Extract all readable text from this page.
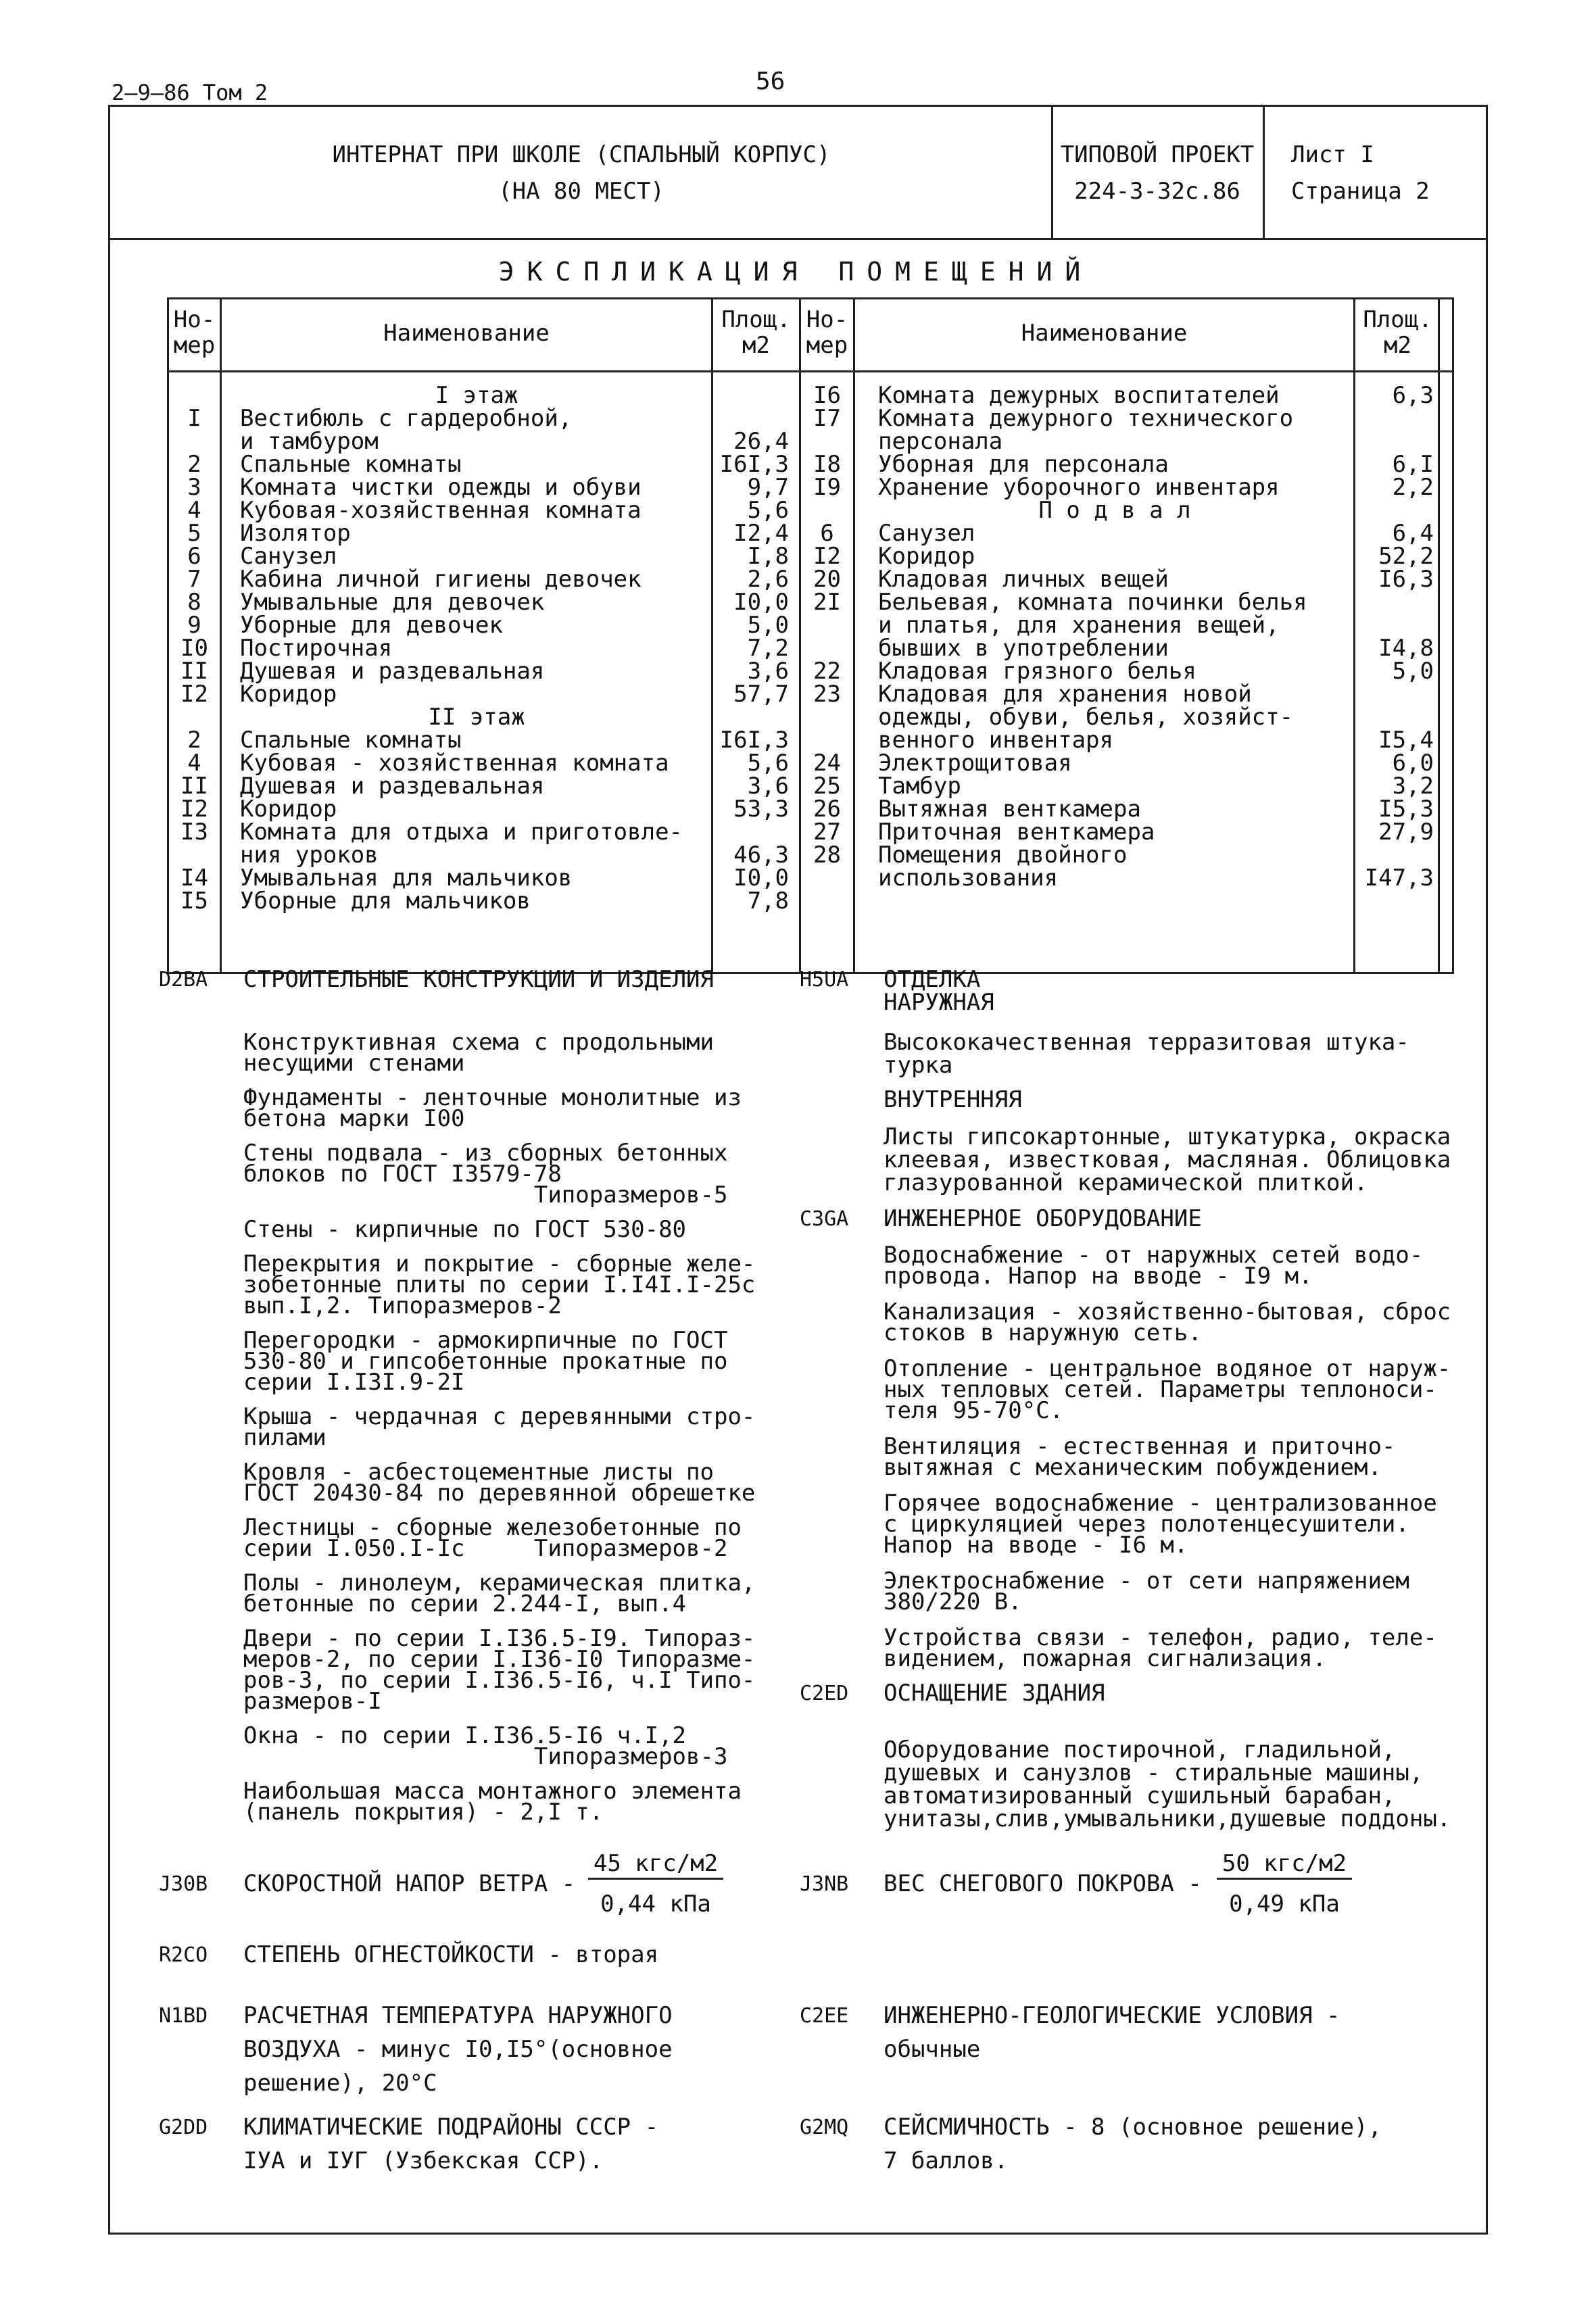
2–9–86 Том 2	56
ИНТЕРНАТ ПРИ ШКОЛЕ (СПАЛЬНЫЙ КОРПУС)
(НА 80 МЕСТ)
ТИПОВОЙ ПРОЕКТ
224-3-32с.86
Лист I
Страница 2
ЭКСПЛИКАЦИЯ ПОМЕЩЕНИЙ
Но-
мер	Наименование	Площ.
м2
Но-
мер	Наименование	Площ.
м2
I этаж
I	Вестибюль с гардеробной,
и тамбуром	26,4
2	Спальные комнаты	I6I,3
3	Комната чистки одежды и обуви	9,7
4	Кубовая-хозяйственная комната	5,6
5	Изолятор	I2,4
6	Санузел	I,8
7	Кабина личной гигиены девочек	2,6
8	Умывальные для девочек	I0,0
9	Уборные для девочек	5,0
I0	Постирочная	7,2
II	Душевая и раздевальная	3,6
I2	Коридор	57,7
II этаж
2	Спальные комнаты	I6I,3
4	Кубовая - хозяйственная комната	5,6
II	Душевая и раздевальная	3,6
I2	Коридор	53,3
I3	Комната для отдыха и приготовле-
ния уроков	46,3
I4	Умывальная для мальчиков	I0,0
I5	Уборные для мальчиков	7,8
I6	Комната дежурных воспитателей	6,3
I7	Комната дежурного технического
персонала
I8	Уборная для персонала	6,I
I9	Хранение уборочного инвентаря	2,2
П о д в а л
6	Санузел	6,4
I2	Коридор	52,2
20	Кладовая личных вещей	I6,3
2I	Бельевая, комната починки белья
и платья, для хранения вещей,
бывших в употреблении	I4,8
22	Кладовая грязного белья	5,0
23	Кладовая для хранения новой
одежды, обуви, белья, хозяйст-
венного инвентаря	I5,4
24	Электрощитовая	6,0
25	Тамбур	3,2
26	Вытяжная венткамера	I5,3
27	Приточная венткамера	27,9
28	Помещения двойного
использования	I47,3
D2BA СТРОИТЕЛЬНЫЕ КОНСТРУКЦИИ И ИЗДЕЛИЯ
Конструктивная схема с продольными
несущими стенами
Фундаменты - ленточные монолитные из
бетона марки I00
Стены подвала - из сборных бетонных
блоков по ГОСТ I3579-78
Типоразмеров-5
Стены - кирпичные по ГОСТ 530-80
Перекрытия и покрытие - сборные желе-
зобетонные плиты по серии I.I4I.I-25с
вып.I,2. Типоразмеров-2
Перегородки - армокирпичные по ГОСТ
530-80 и гипсобетонные прокатные по
серии I.I3I.9-2I
Крыша - чердачная с деревянными стро-
пилами
Кровля - асбестоцементные листы по
ГОСТ 20430-84 по деревянной обрешетке
Лестницы - сборные железобетонные по
серии I.050.I-Iс     Типоразмеров-2
Полы - линолеум, керамическая плитка,
бетонные по серии 2.244-I, вып.4
Двери - по серии I.I36.5-I9. Типораз-
меров-2, по серии I.I36-I0 Типоразме-
ров-3, по серии I.I36.5-I6, ч.I Типо-
размеров-I
Окна - по серии I.I36.5-I6 ч.I,2
Типоразмеров-3
Наибольшая масса монтажного элемента
(панель покрытия) - 2,I т.
H5UA ОТДЕЛКА
НАРУЖНАЯ
Высококачественная терразитовая штука-
турка
ВНУТРЕННЯЯ
Листы гипсокартонные, штукатурка, окраска
клеевая, известковая, масляная. Облицовка
глазурованной керамической плиткой.
C3GA ИНЖЕНЕРНОЕ ОБОРУДОВАНИЕ
Водоснабжение - от наружных сетей водо-
провода. Напор на вводе - I9 м.
Канализация - хозяйственно-бытовая, сброс
стоков в наружную сеть.
Отопление - центральное водяное от наруж-
ных тепловых сетей. Параметры теплоноси-
теля 95-70°С.
Вентиляция - естественная и приточно-
вытяжная с механическим побуждением.
Горячее водоснабжение - централизованное
с циркуляцией через полотенцесушители.
Напор на вводе - I6 м.
Электроснабжение - от сети напряжением
380/220 В.
Устройства связи - телефон, радио, теле-
видением, пожарная сигнализация.
C2ED ОСНАЩЕНИЕ ЗДАНИЯ
Оборудование постирочной, гладильной,
душевых и санузлов - стиральные машины,
автоматизированный сушильный барабан,
унитазы,слив,умывальники,душевые поддоны.
J30B СКОРОСТНОЙ НАПОР ВЕТРА -
45 кгс/м2
0,44 кПа
J3NB ВЕС СНЕГОВОГО ПОКРОВА -
50 кгс/м2
0,49 кПа
R2CO СТЕПЕНЬ ОГНЕСТОЙКОСТИ - вторая
N1BD РАСЧЕТНАЯ ТЕМПЕРАТУРА НАРУЖНОГО
ВОЗДУХА - минус I0,I5°(основное
решение), 20°С
C2EE ИНЖЕНЕРНО-ГЕОЛОГИЧЕСКИЕ УСЛОВИЯ -
обычные
G2DD КЛИМАТИЧЕСКИЕ ПОДРАЙОНЫ СССР -
IУА и IУГ (Узбекская ССР).
G2MQ СЕЙСМИЧНОСТЬ - 8 (основное решение),
7 баллов.
